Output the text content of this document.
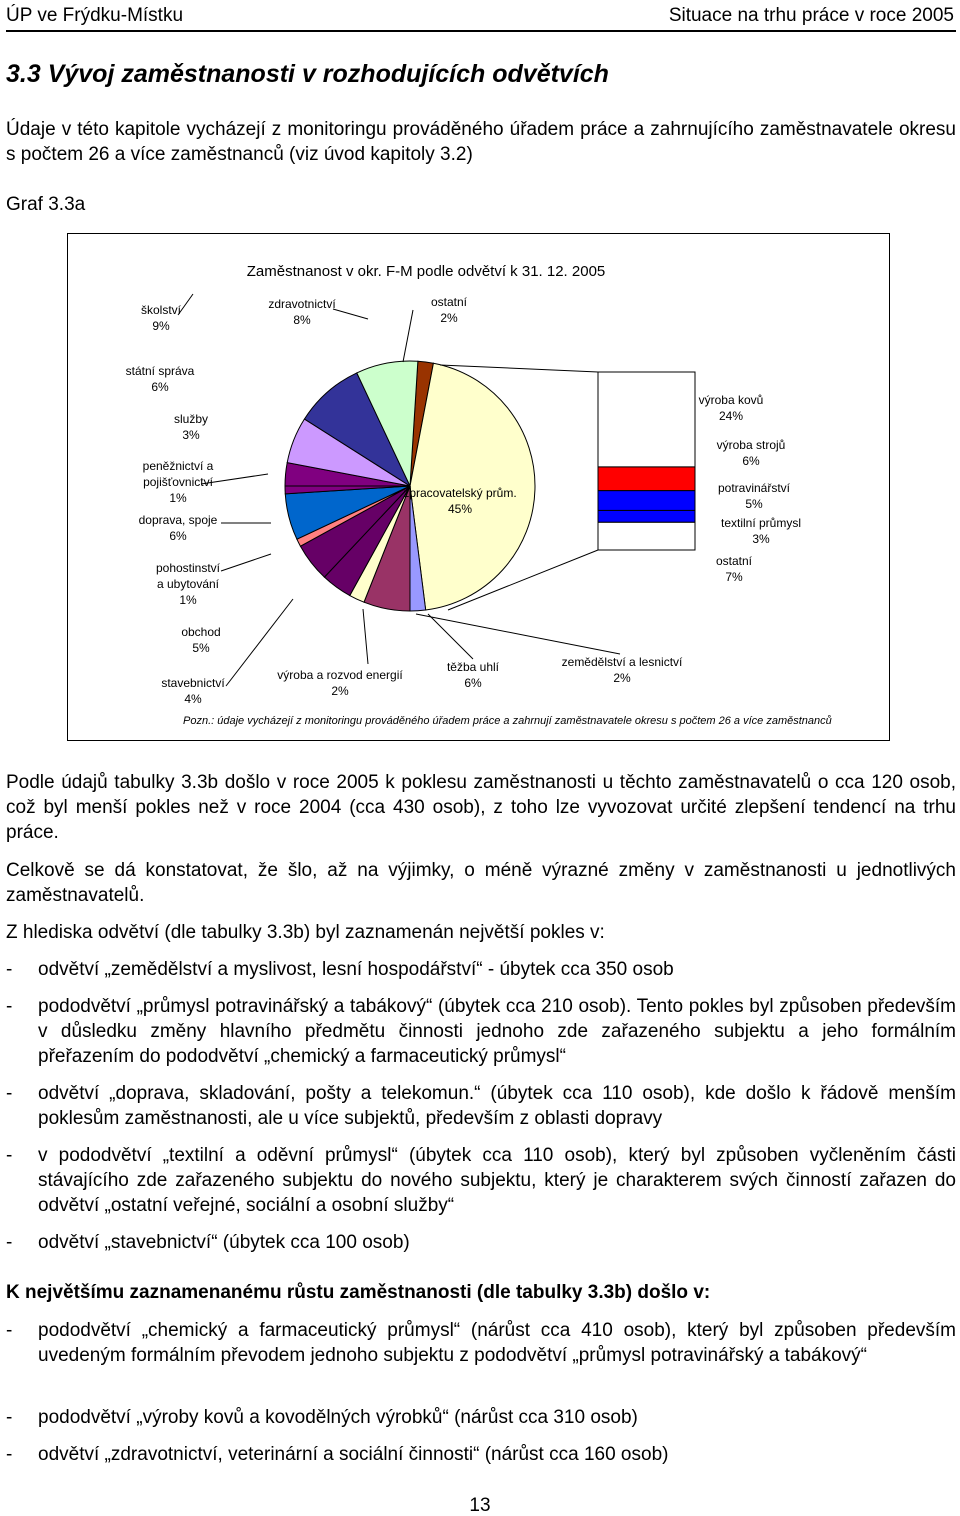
ÚP ve Frýdku-Místku	Situace na trhu práce v roce 2005
3.3 Vývoj zaměstnanosti v rozhodujících odvětvích
Údaje v této kapitole vycházejí z monitoringu prováděného úřadem práce a zahrnujícího zaměstnavatele okresu s počtem 26 a více zaměstnanců (viz úvod kapitoly 3.2)
Graf 3.3a
Zaměstnanost v okr. F-M podle odvětví k 31. 12. 2005
školství
9%
zdravotnictví
8%
ostatní
2%
státní správa
6%
služby
3%
peněžnictví a
pojišťovnictví
1%
doprava, spoje
6%
pohostinství
a ubytování
1%
obchod
5%
stavebnictví
4%
výroba a rozvod energií
2%
těžba uhlí
6%
zemědělství a lesnictví
2%
zpracovatelský prům.
45%
výroba kovů
24%
výroba strojů
6%
potravinářství
5%
textilní průmysl
3%
ostatní
7%
Pozn.: údaje vycházejí z monitoringu prováděného úřadem práce a zahrnují zaměstnavatele okresu s počtem 26 a více zaměstnanců
Podle údajů tabulky 3.3b došlo v roce 2005 k poklesu zaměstnanosti u těchto zaměstnavatelů o cca 120 osob, což byl menší pokles než v roce 2004 (cca 430 osob), z toho lze vyvozovat určité zlepšení tendencí na trhu práce.
Celkově se dá konstatovat, že šlo, až na výjimky, o méně výrazné změny v zaměstnanosti u jednotlivých zaměstnavatelů.
Z hlediska odvětví (dle tabulky 3.3b) byl zaznamenán největší pokles v:
- odvětví „zemědělství a myslivost, lesní hospodářství“ - úbytek cca 350 osob
- pododvětví „průmysl potravinářský a tabákový“ (úbytek cca 210 osob). Tento pokles byl způsoben především v důsledku změny hlavního předmětu činnosti jednoho zde zařazeného subjektu a jeho formálním přeřazením do pododvětví „chemický a farmaceutický průmysl“
- odvětví „doprava, skladování, pošty a telekomun.“ (úbytek cca 110 osob), kde došlo k řádově menším poklesům zaměstnanosti, ale u více subjektů, především z oblasti dopravy
- v pododvětví „textilní a oděvní průmysl“ (úbytek cca 110 osob), který byl způsoben vyčleněním části stávajícího zde zařazeného subjektu do nového subjektu, který je charakterem svých činností zařazen do odvětví „ostatní veřejné, sociální a osobní služby“
- odvětví „stavebnictví“ (úbytek cca 100 osob)
K největšímu zaznamenanému růstu zaměstnanosti (dle tabulky 3.3b) došlo v:
- pododvětví „chemický a farmaceutický průmysl“ (nárůst cca 410 osob), který byl způsoben především uvedeným formálním převodem jednoho subjektu z pododvětví „průmysl potravinářský a tabákový“
- pododvětví „výroby kovů a kovodělných výrobků“ (nárůst cca 310 osob)
- odvětví „zdravotnictví, veterinární a sociální činnosti“ (nárůst cca 160 osob)
13
